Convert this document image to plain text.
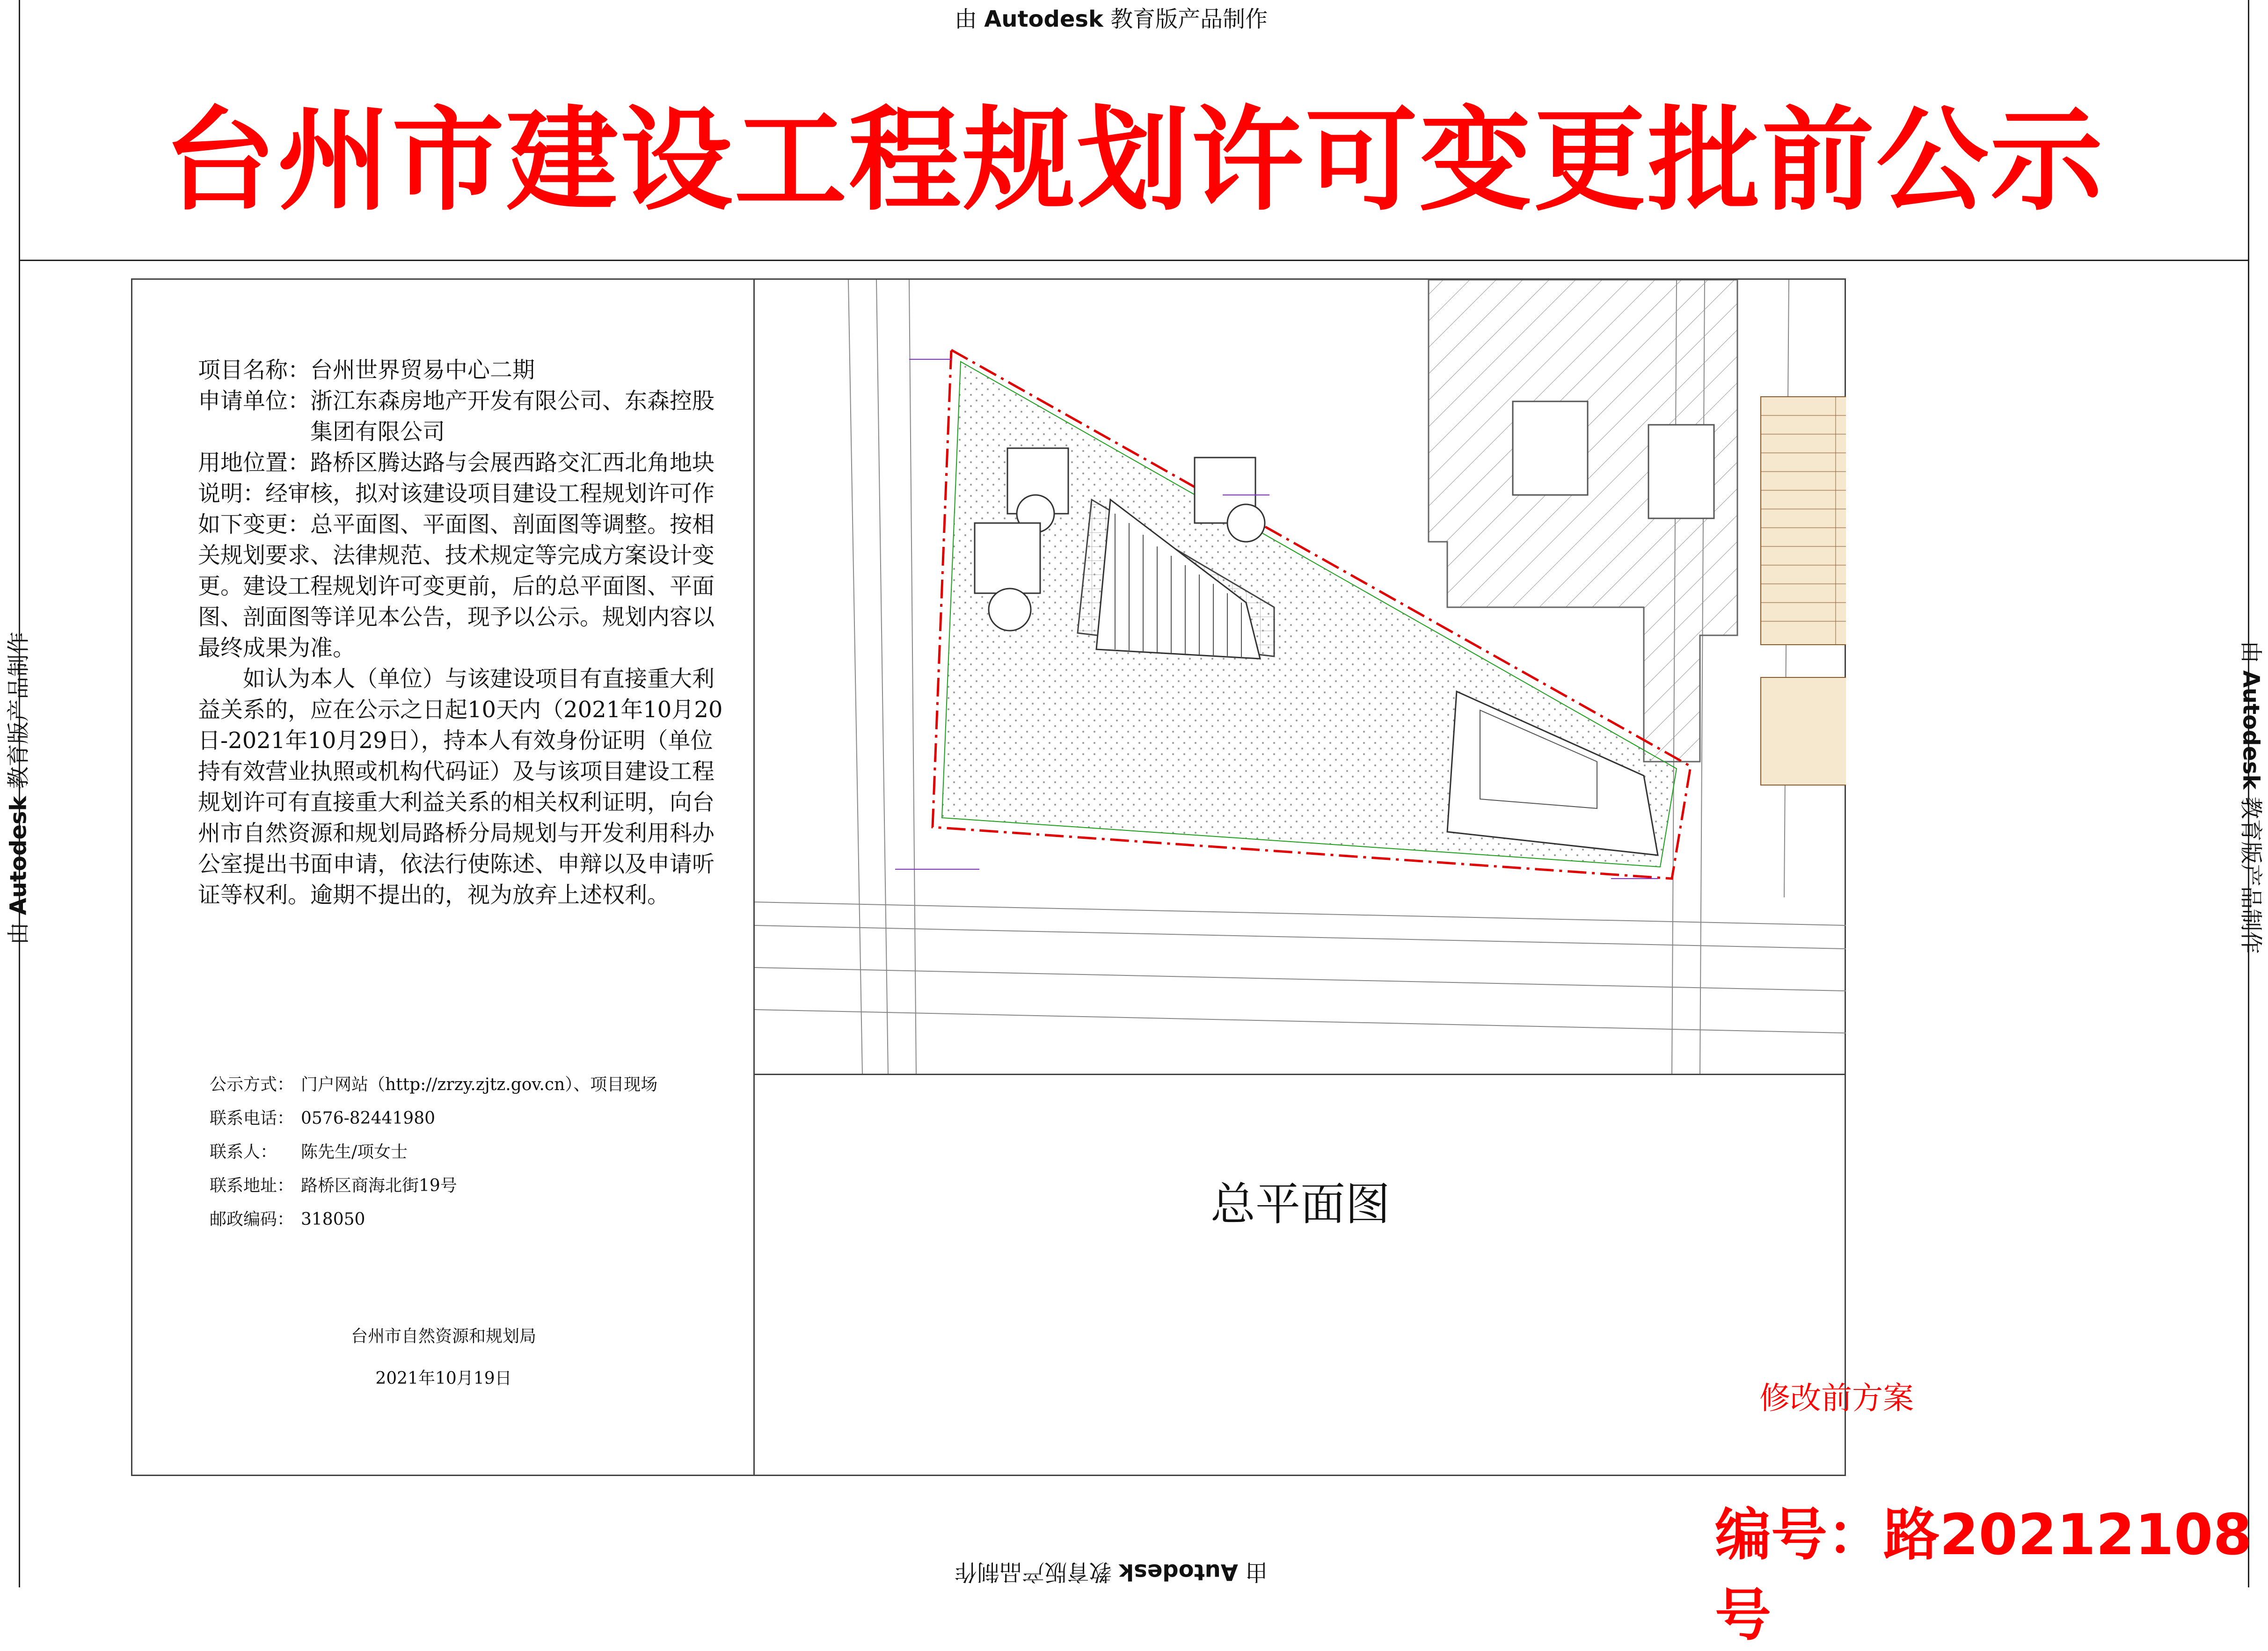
由 Autodesk 教育版产品制作
由 Autodesk 教育版产品制作
由 Autodesk 教育版产品制作	由 Autodesk 教育版产品制作
台州市建设工程规划许可变更批前公示
项目名称： 台州世界贸易中心二期
申请单位： 浙江东森房地产开发有限公司、东森控股集团有限公司
用地位置： 路桥区腾达路与会展西路交汇西北角地块
说明：经审核，拟对该建设项目建设工程规划许可作如下变更：总平面图、平面图、剖面图等调整。按相关规划要求、法律规范、技术规定等完成方案设计变更。建设工程规划许可变更前，后的总平面图、平面图、剖面图等详见本公告，现予以公示。规划内容以最终成果为准。
如认为本人（单位）与该建设项目有直接重大利益关系的，应在公示之日起10天内（2021年10月20日-2021年10月29日），持本人有效身份证明（单位持有效营业执照或机构代码证）及与该项目建设工程规划许可有直接重大利益关系的相关权利证明，向台州市自然资源和规划局路桥分局规划与开发利用科办公室提出书面申请，依法行使陈述、申辩以及申请听证等权利。逾期不提出的，视为放弃上述权利。
公示方式： 门户网站（http://zrzy.zjtz.gov.cn）、项目现场
联系电话： 0576-82441980
联系人：	陈先生/项女士
联系地址： 路桥区商海北街19号
邮政编码： 318050
台州市自然资源和规划局
2021年10月19日
总平面图
修改前方案
编号：路20212108号
